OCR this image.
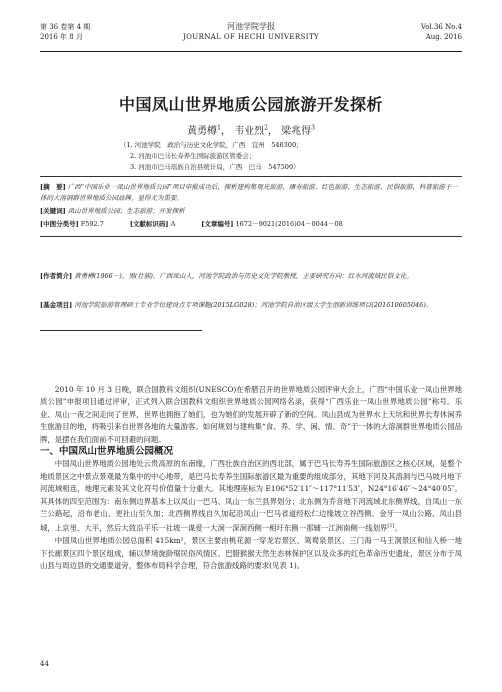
第 36 卷第 4 期
2016 年 8 月
河池学院学报
JOURNAL OF HECHI UNIVERSITY
Vol.36 No.4
Aug. 2016
中国凤山世界地质公园旅游开发探析
黄勇樽$^1$， 韦业烈$^2$， 梁兆得$^3$
（1. 河池学院　政治与历史文化学院，广西　宜州　546300；
2. 河池市巴马长寿养生国际旅游区管委会；
3. 河池市巴马瑶族自治县统计局，广西　巴马　547500）
[摘　要] 广西“中国乐业一凤山世界地质公园”项目申报成功后，探析建构集观光旅游、康寿旅游、红色旅游、生态旅游、民俗旅游、科普旅游于一体的大溶洞群世界地质公园品牌，显得尤为重要。
[关键词] 凤山世界地质公园；生态旅游；开发探析
[中图分类号] F592.7	[文献标识码] A	[文章编号] 1672－9021(2016)04－0044－08
[作者简介] 黄勇樽(1966－)，男(壮族)，广西凤山人，河池学院政治与历史文化学院教授，主要研究方向：红水河流域民俗文化。
[基金项目] 河池学院旅游管理硕士专业学位建设点专项课题(2015LG028)；河池学院自治区级大学生创新训练项目(201610605046)。

2010 年 10 月 3 日晚，联合国教科文组织(UNESCO)在希腊召开的世界地质公园评审大会上，广西“中国乐业一凤山世界地质公园”申报项目通过评审，正式列入联合国教科文组织世界地质公园网络名录，获得“广西乐业一凤山世界地质公园”称号。乐业、凤山一夜之间走向了世界，世界也拥抱了她们，也为她们的发展开辟了新的空间。凤山县成为世界水上天坑和世界长寿休闲养生旅游目的地，将吸引来自世界各地的大量游客。如何规划与建构集“食、养、学、闲、情、奇”于一体的大溶洞群世界地质公园品牌，是摆在我们面前不可回避的问题。

一、中国凤山世界地质公园概况

中国凤山世界地质公园地处云贵高原的东南缘，广西壮族自治区的西北部，属于巴马长寿养生国际旅游区之核心区域，是整个地质景区之中景点景观最为集中的中心地带，是巴马长寿养生国际旅游区最为重要的组成部分，其地下河及其溶洞与巴马坡月地下河流域相连，地理元素及其文化符号价值量十分重大。其地理座标为 E106°52′11″～117°11′53″，N24°16′46″～24°40′05″。其具体的四至范围为：南东侧边界基本上以凤山一巴马、凤山一东兰县界划分；北东侧为乔音地下河流域北东侧界线，自凤山一东兰公路起，沿布老山、更社山至久加；北西侧界线自久加起沿凤山一巴马省道经松仁边缘坡立谷西侧、金牙一凤山公路、凤山县城，上京里、大平，然后大致沿平乐一社坡一谋爱一大洞一深洞西侧一相圩东侧一那辅一江洲南侧一线划界[1]。

中国凤山世界地质公园总面积 415km²，景区主要由桃花源一穿龙岩景区、鸳鸯泉景区、三门海一马王洞景区和仙人桥一地下长廊景区四个景区组成，辅以梦境旋龄琚民俗风情区、巴腊猴猴天然生态林保护区以及众多的红色革命历史遗址，景区分布于凤山县与周边县的交通要道旁，整体布局科学合理，符合旅游线路的要求(见表 1)。

44
